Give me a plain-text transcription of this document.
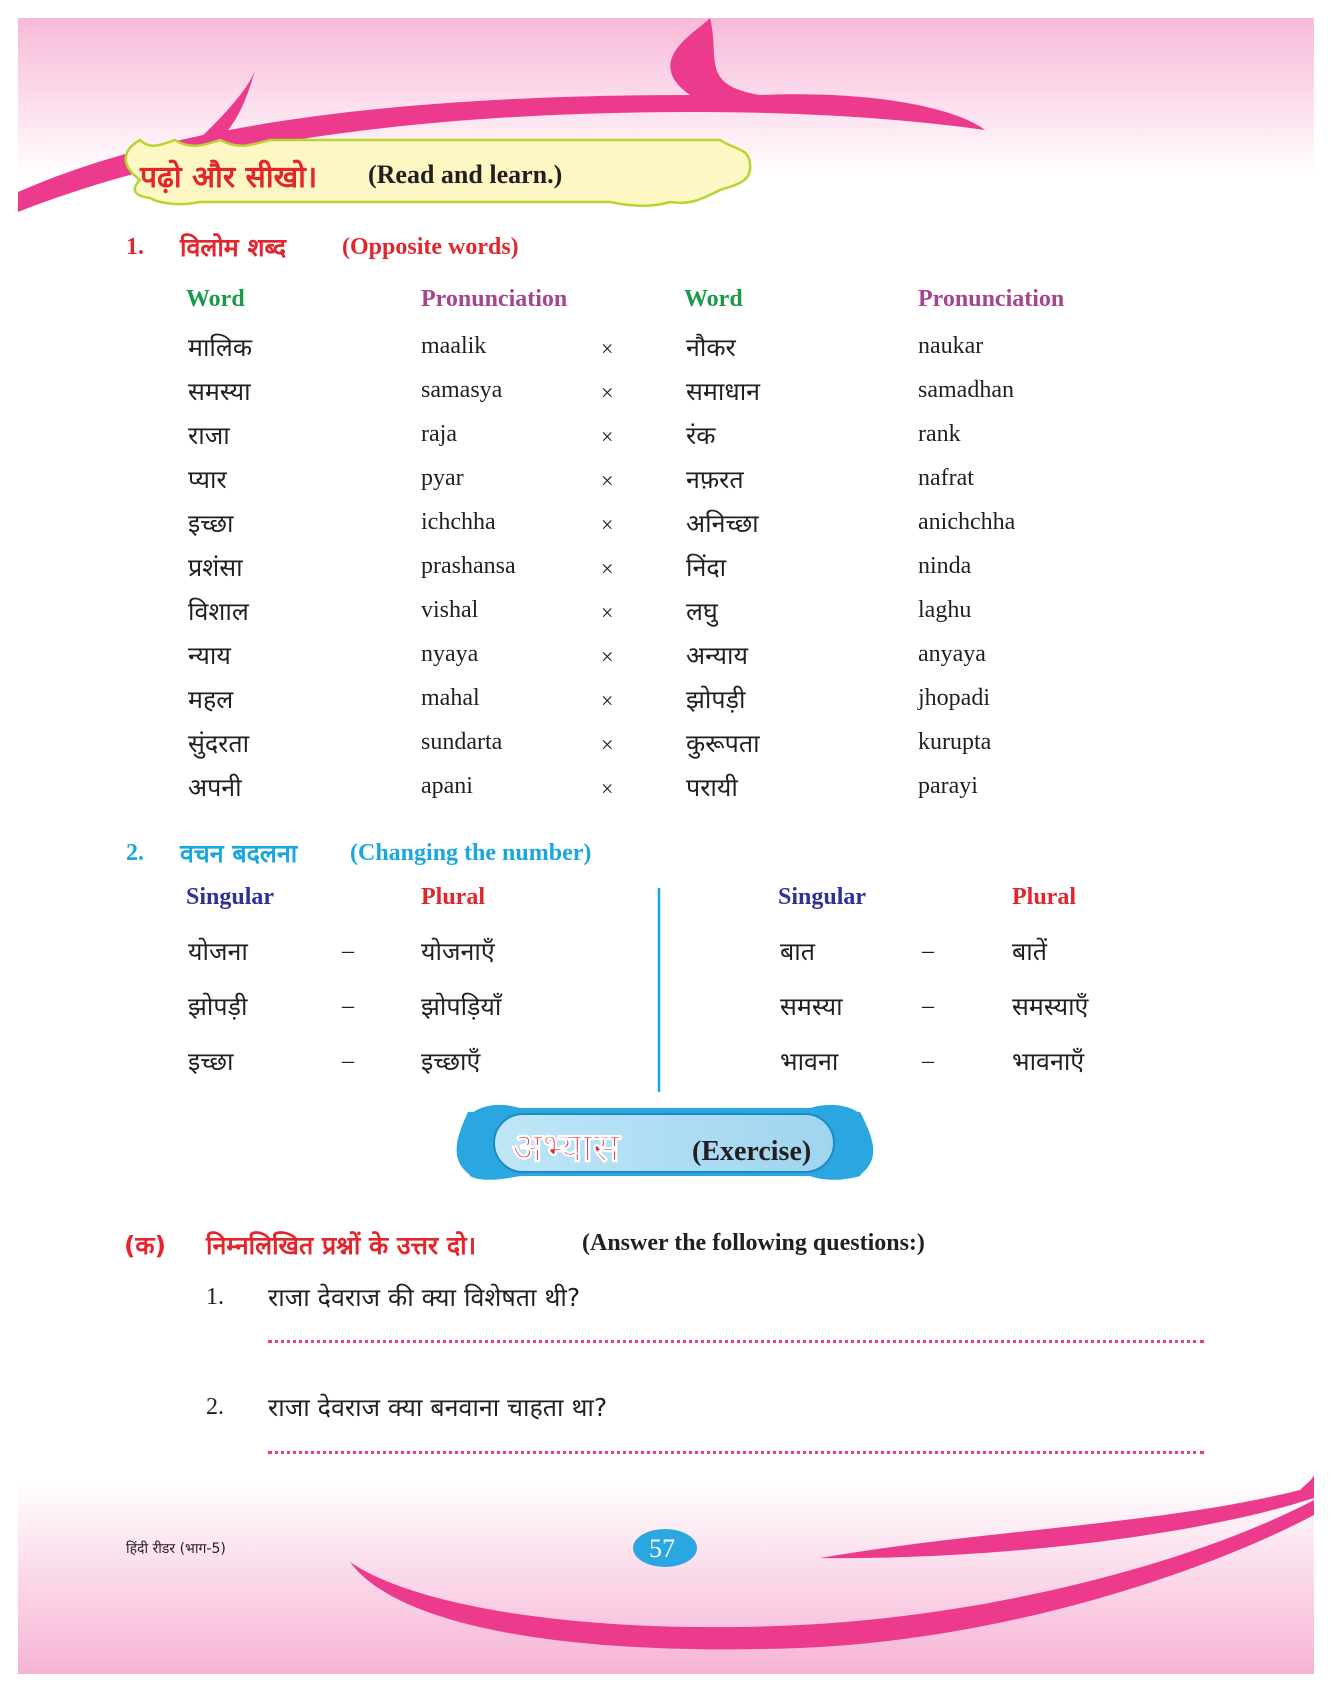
पढ़ो और सीखो। (Read and learn.)
1. विलोम शब्द (Opposite words)
Word	Pronunciation	Word	Pronunciation
मालिक	maalik	×	नौकर	naukar
समस्या	samasya	×	समाधान	samadhan
राजा	raja	×	रंक	rank
प्यार	pyar	×	नफ़रत	nafrat
इच्छा	ichchha	×	अनिच्छा	anichchha
प्रशंसा	prashansa	×	निंदा	ninda
विशाल	vishal	×	लघु	laghu
न्याय	nyaya	×	अन्याय	anyaya
महल	mahal	×	झोपड़ी	jhopadi
सुंदरता	sundarta	×	कुरूपता	kurupta
अपनी	apani	×	परायी	parayi
2. वचन बदलना (Changing the number)
Singular	Plural	Singular	Plural
योजना	–	योजनाएँ	बात	–	बातें
झोपड़ी	–	झोपड़ियाँ	समस्या	–	समस्याएँ
इच्छा	–	इच्छाएँ	भावना	–	भावनाएँ
अभ्यास	(Exercise)
(क) निम्नलिखित प्रश्नों के उत्तर दो।	(Answer the following questions:)
1. राजा देवराज की क्या विशेषता थी?
2. राजा देवराज क्या बनवाना चाहता था?
हिंदी रीडर (भाग-5)	57
